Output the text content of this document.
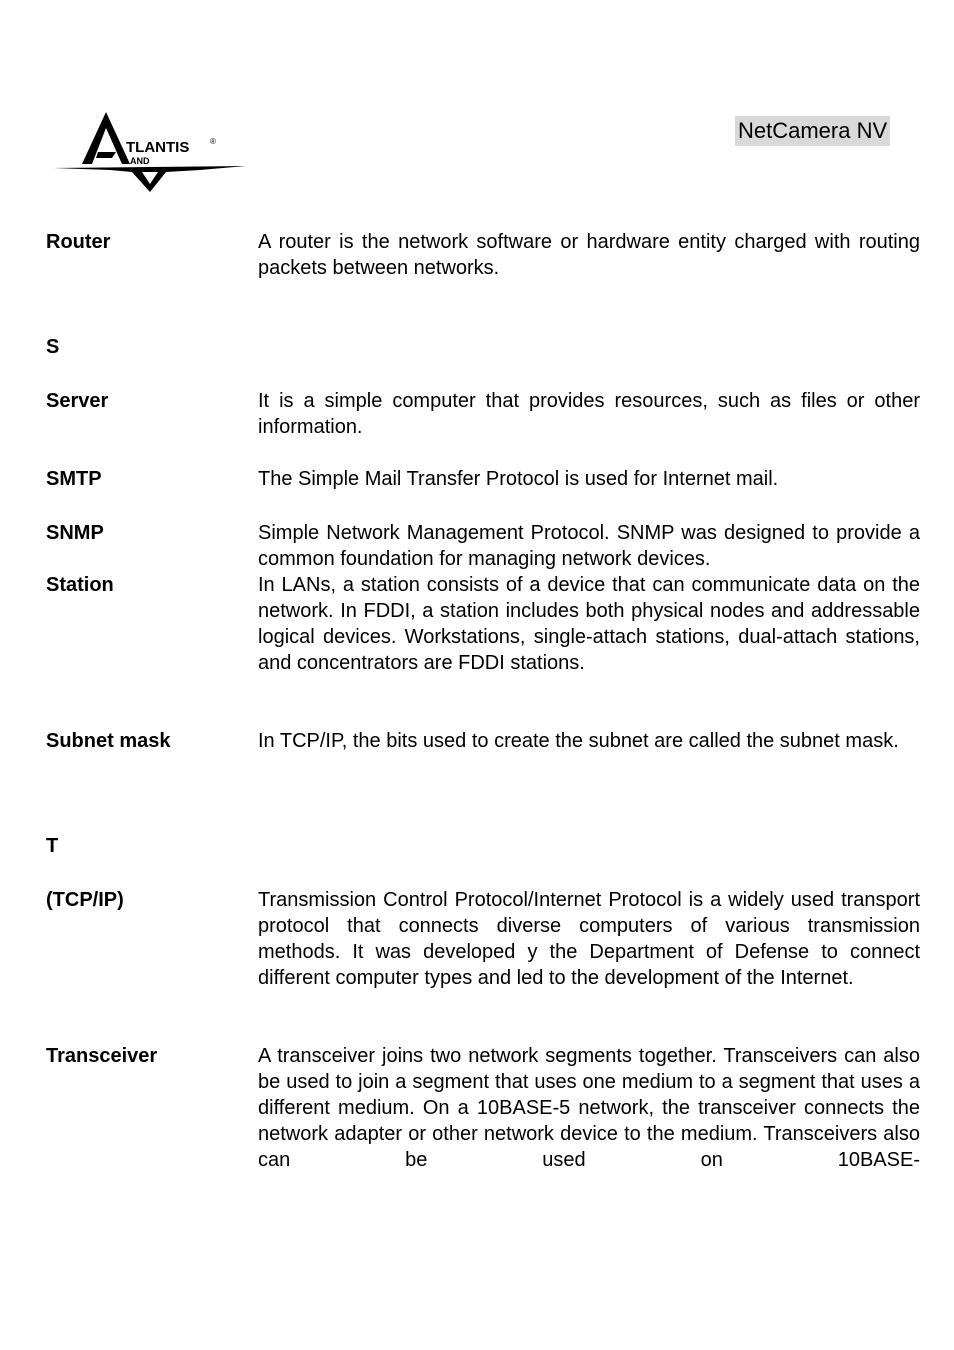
TLANTIS	®
AND
NetCamera NV
Router	A router is the network software or hardware entity charged with routing packets between networks.
S
Server	It is a simple computer that provides resources, such as files or other information.
SMTP	The Simple Mail Transfer Protocol is used for Internet mail.
SNMP	Simple Network Management Protocol. SNMP was designed to provide a common foundation for managing network devices.
Station	In LANs, a station consists of a device that can communicate data on the network. In FDDI, a station includes both physical nodes and addressable logical devices. Workstations, single-attach stations, dual-attach stations, and concentrators are FDDI stations.
Subnet mask	In TCP/IP, the bits used to create the subnet are called the subnet mask.
T
(TCP/IP)	Transmission Control Protocol/Internet Protocol is a widely used transport protocol that connects diverse computers of various transmission methods. It was developed y the Department of Defense to connect different computer types and led to the development of the Internet.
Transceiver	A transceiver joins two network segments together. Transceivers can also be used to join a segment that uses one medium to a segment that uses a different medium. On a 10BASE-5 network, the transceiver connects the network adapter or other network device to the medium. Transceivers also can be used on 10BASE-
